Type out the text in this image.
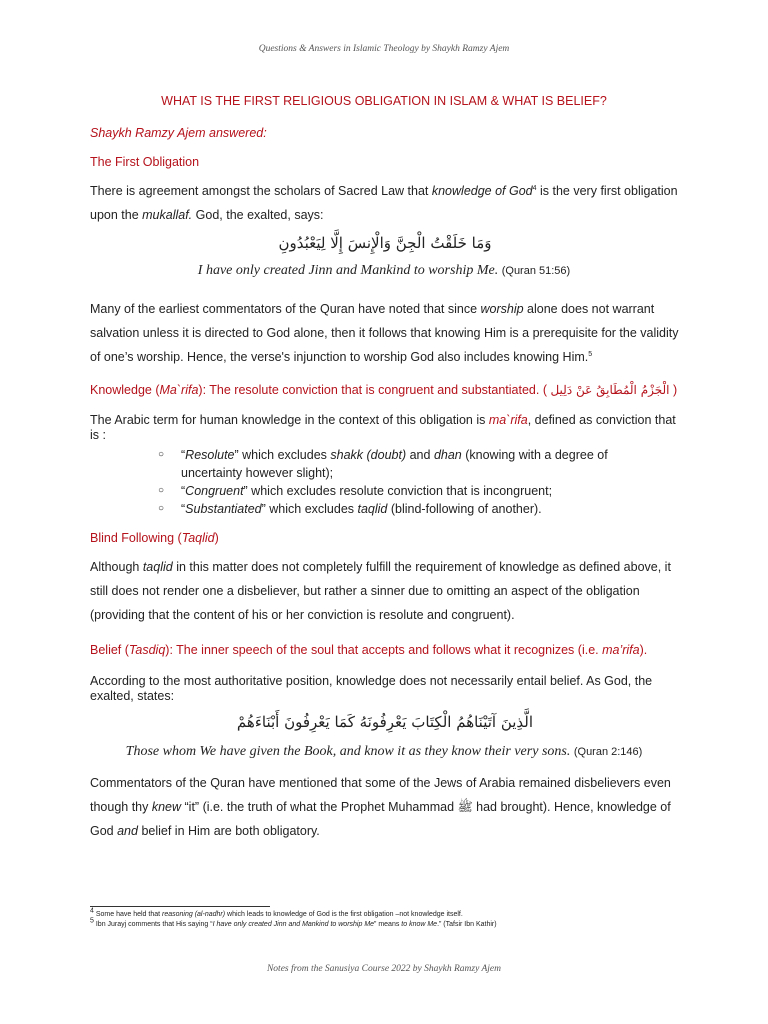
Questions & Answers in Islamic Theology by Shaykh Ramzy Ajem
WHAT IS THE FIRST RELIGIOUS OBLIGATION IN ISLAM & WHAT IS BELIEF?
Shaykh Ramzy Ajem answered:
The First Obligation
There is agreement amongst the scholars of Sacred Law that knowledge of God$^4$ is the very first obligation upon the mukallaf. God, the exalted, says:
وَمَا خَلَقْتُ الْجِنَّ وَالْإِنسَ إِلَّا لِيَعْبُدُونِ
I have only created Jinn and Mankind to worship Me. (Quran 51:56)
Many of the earliest commentators of the Quran have noted that since worship alone does not warrant salvation unless it is directed to God alone, then it follows that knowing Him is a prerequisite for the validity of one’s worship. Hence, the verse's injunction to worship God also includes knowing Him.$^5$
Knowledge (Ma`rifa): The resolute conviction that is congruent and substantiated. ( الْجَزْمُ الْمُطَابِقُ عَنْ دَلِيل )
The Arabic term for human knowledge in the context of this obligation is ma`rifa, defined as conviction that is :
○ “Resolute” which excludes shakk (doubt) and dhan (knowing with a degree of uncertainty however slight);
○ “Congruent” which excludes resolute conviction that is incongruent;
○ “Substantiated” which excludes taqlid (blind-following of another).
Blind Following (Taqlid)
Although taqlid in this matter does not completely fulfill the requirement of knowledge as defined above, it still does not render one a disbeliever, but rather a sinner due to omitting an aspect of the obligation (providing that the content of his or her conviction is resolute and congruent).
Belief (Tasdiq): The inner speech of the soul that accepts and follows what it recognizes (i.e. ma’rifa).
According to the most authoritative position, knowledge does not necessarily entail belief. As God, the exalted, states:
الَّذِينَ آتَيْنَاهُمُ الْكِتَابَ يَعْرِفُونَهُ كَمَا يَعْرِفُونَ أَبْنَاءَهُمْ
Those whom We have given the Book, and know it as they know their very sons. (Quran 2:146)
Commentators of the Quran have mentioned that some of the Jews of Arabia remained disbelievers even though thy knew “it” (i.e. the truth of what the Prophet Muhammad ﷺ had brought). Hence, knowledge of God and belief in Him are both obligatory.
$^4$ Some have held that reasoning (al-nadhr) which leads to knowledge of God is the first obligation –not knowledge itself.
$^5$ Ibn Jurayj comments that His saying “I have only created Jinn and Mankind to worship Me” means to know Me.” (Tafsir Ibn Kathir)
Notes from the Sanusiya Course 2022 by Shaykh Ramzy Ajem
